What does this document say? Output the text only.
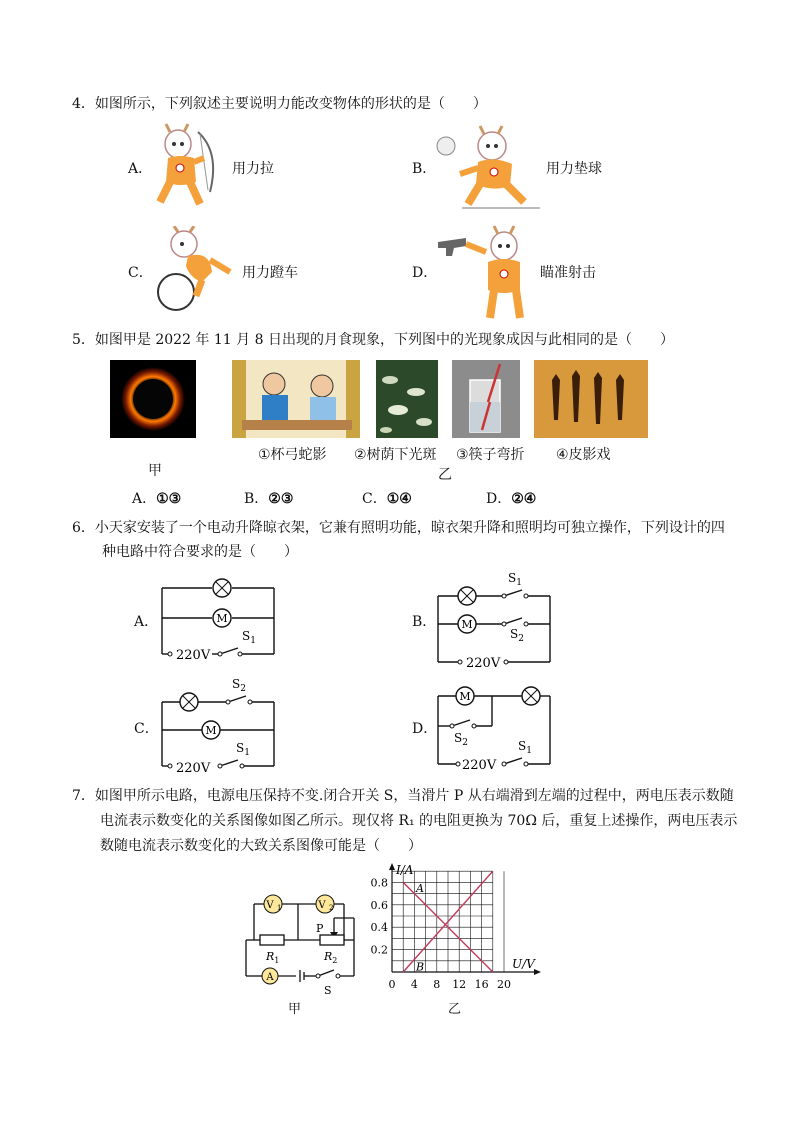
4．如图所示，下列叙述主要说明力能改变物体的形状的是（　　）
A．	用力拉	B．	用力垫球
C．	用力蹬车	D．	瞄准射击
5．如图甲是 2022 年 11 月 8 日出现的月食现象，下列图中的光现象成因与此相同的是（　　）
甲
①杯弓蛇影 ②树荫下光斑 ③筷子弯折 ④皮影戏
乙
A．①③	B．②③	C．①④	D．②④
6．小天家安装了一个电动升降晾衣架，它兼有照明功能，晾衣架升降和照明均可独立操作，下列设计的四
种电路中符合要求的是（　　）
A．	M
220V
$S_1$
B． M
$S_1$
$S_2$
220V
C．	M
$S_2$
220V
$S_1$
D．
M
$S_2$
220V
$S_1$
7．如图甲所示电路，电源电压保持不变.闭合开关 S，当滑片 P 从右端滑到左端的过程中，两电压表示数随
电流表示数变化的关系图像如图乙所示。现仅将 R₁ 的电阻更换为 70Ω 后，重复上述操作，两电压表示
数随电流表示数变化的大致关系图像可能是（　　）
V 1	V 2
A
P
$R_1$	$R_2$
S
甲
0 4 8 12 16 20
0.2
0.4
0.6
0.8
I/A
U/V
A
B
乙
